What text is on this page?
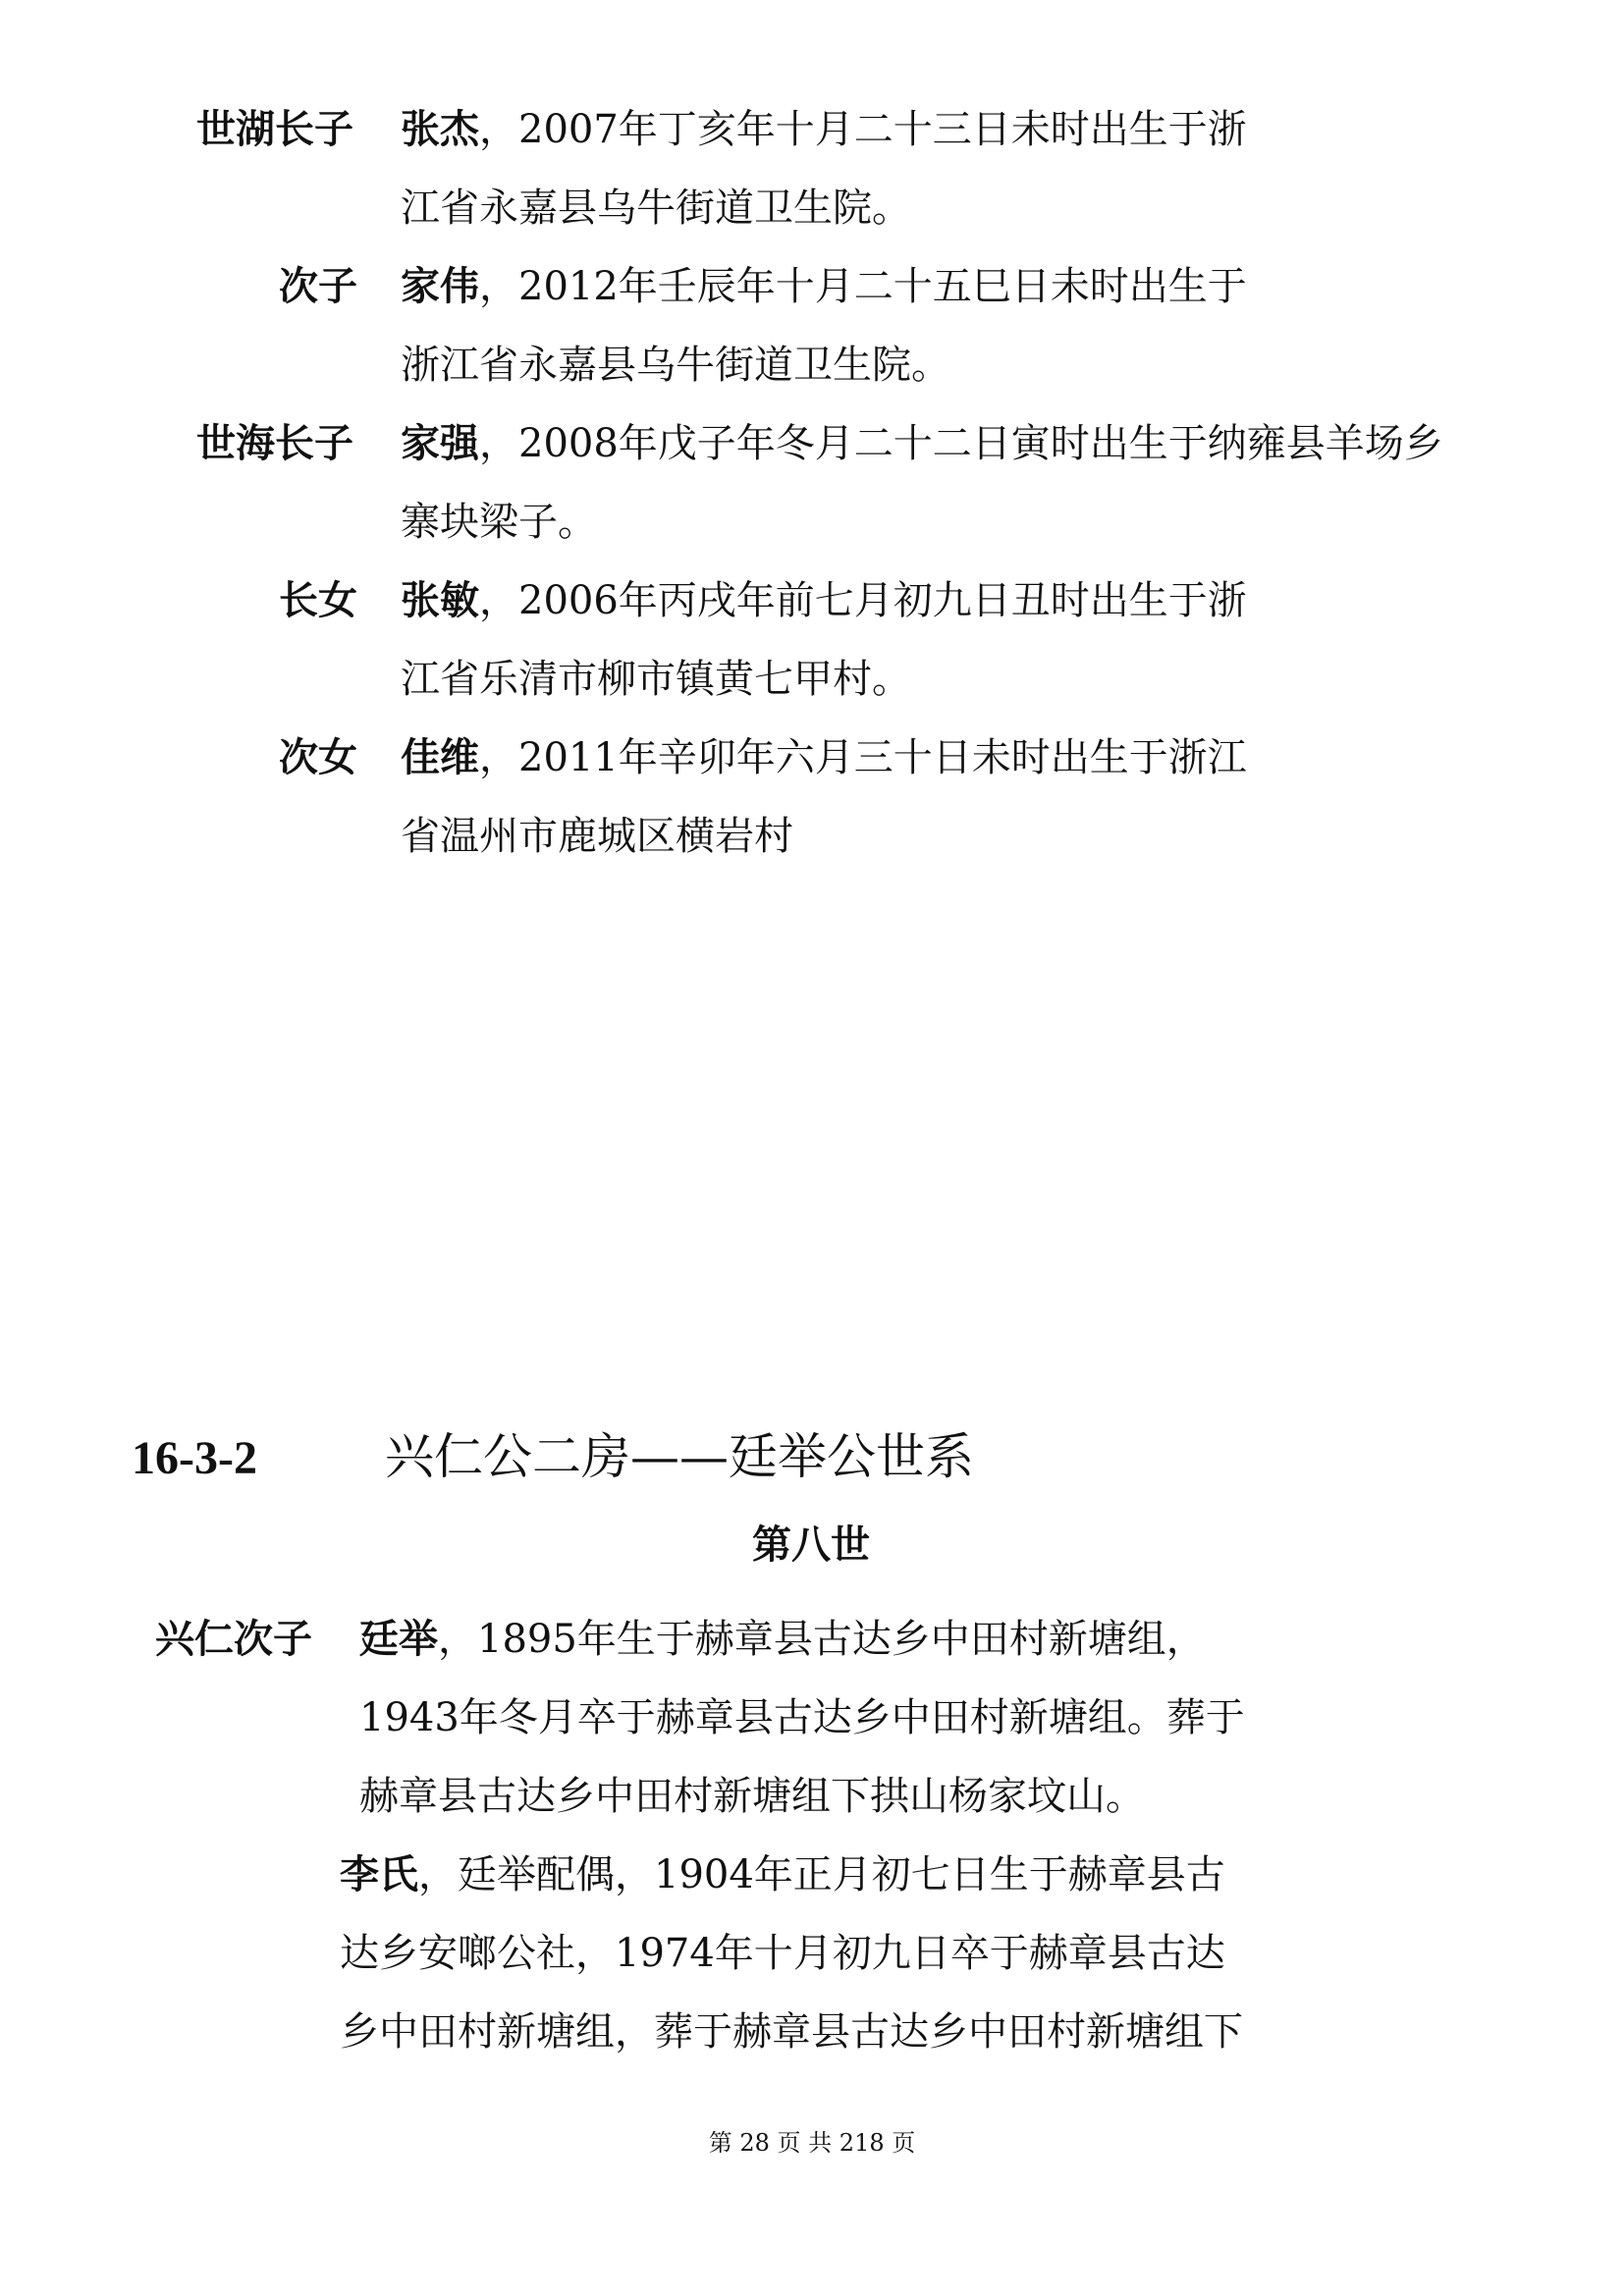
世湖长子 张杰，2007年丁亥年十月二十三日未时出生于浙
江省永嘉县乌牛街道卫生院。
次子 家伟，2012年壬辰年十月二十五巳日未时出生于
浙江省永嘉县乌牛街道卫生院。
世海长子 家强，2008年戊子年冬月二十二日寅时出生于纳雍县羊场乡
寨块梁子。
长女 张敏，2006年丙戌年前七月初九日丑时出生于浙
江省乐清市柳市镇黄七甲村。
次女 佳维，2011年辛卯年六月三十日未时出生于浙江
省温州市鹿城区横岩村
16-3-2	兴仁公二房——廷举公世系
第八世
兴仁次子 廷举，1895年生于赫章县古达乡中田村新塘组，
1943年冬月卒于赫章县古达乡中田村新塘组。葬于
赫章县古达乡中田村新塘组下拱山杨家坟山。
李氏，廷举配偶，1904年正月初七日生于赫章县古
达乡安啷公社，1974年十月初九日卒于赫章县古达
乡中田村新塘组，葬于赫章县古达乡中田村新塘组下
第 28 页 共 218 页
